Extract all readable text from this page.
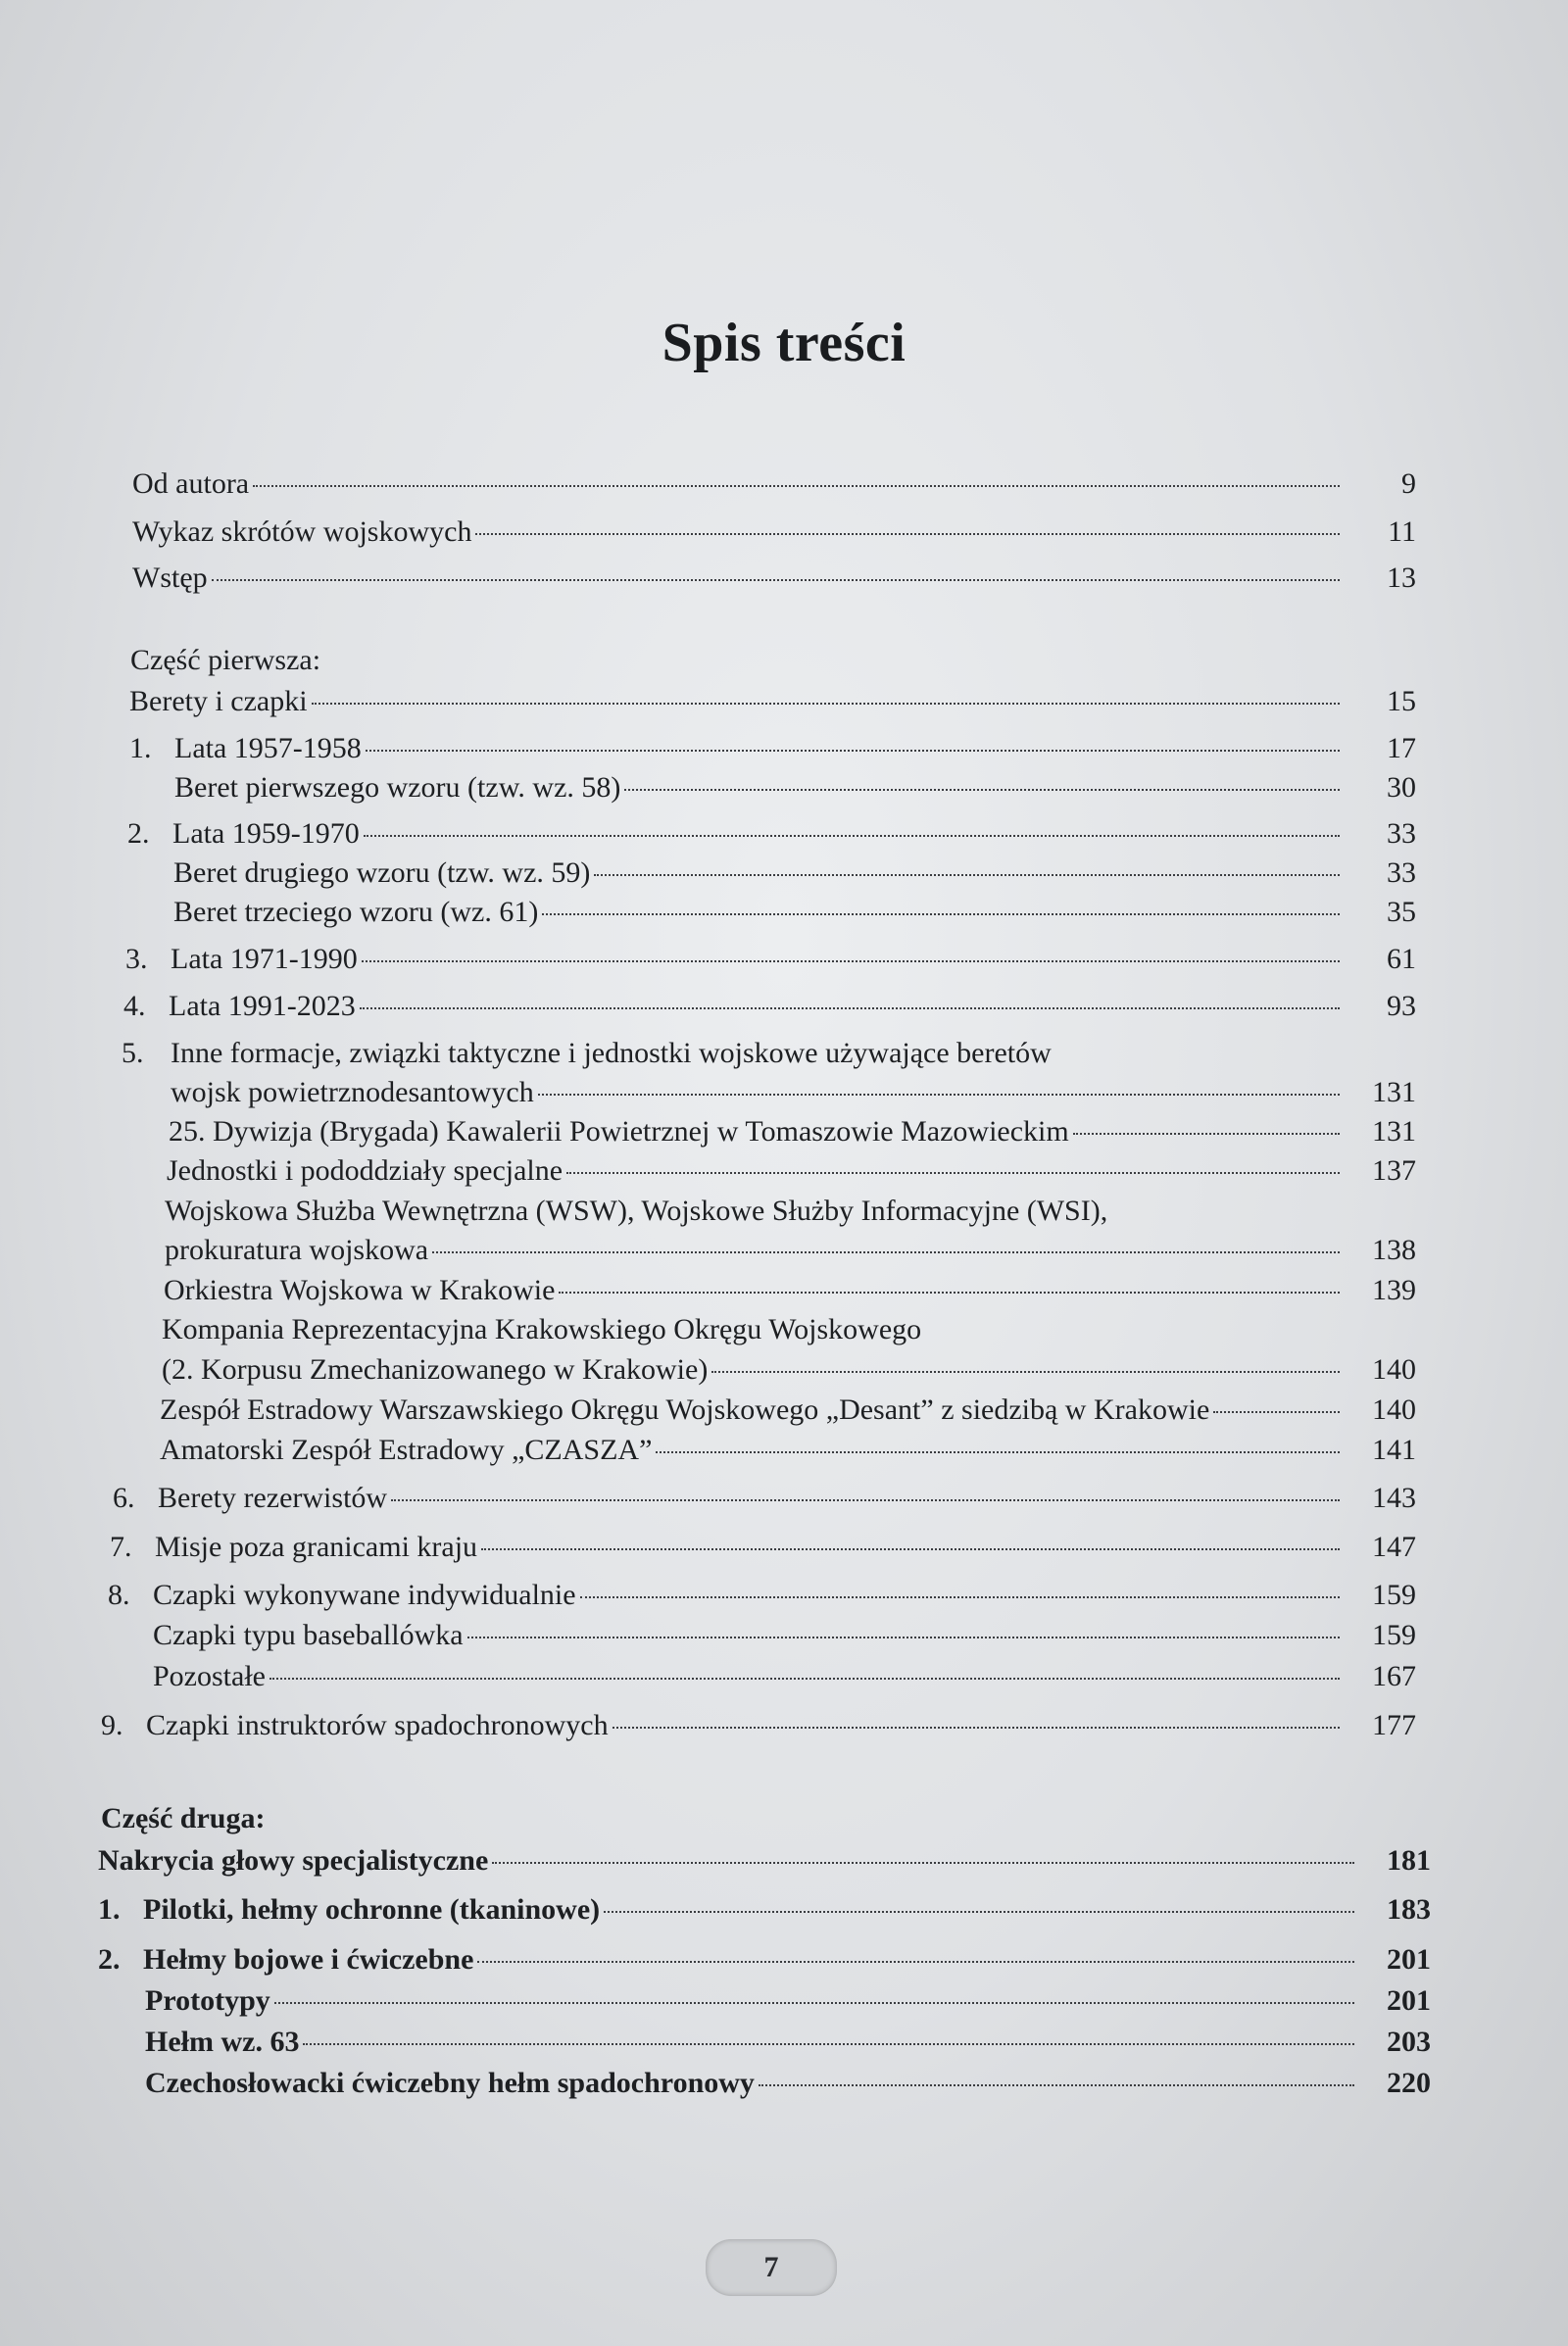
Spis treści
Od autora	9
Wykaz skrótów wojskowych	11
Wstęp	13
Część pierwsza:
Berety i czapki	15
1. Lata 1957-1958	17
Beret pierwszego wzoru (tzw. wz. 58)	30
2. Lata 1959-1970	33
Beret drugiego wzoru (tzw. wz. 59)	33
Beret trzeciego wzoru (wz. 61)	35
3. Lata 1971-1990	61
4. Lata 1991-2023	93
5. Inne formacje, związki taktyczne i jednostki wojskowe używające beretów
wojsk powietrznodesantowych	131
25. Dywizja (Brygada) Kawalerii Powietrznej w Tomaszowie Mazowieckim	131
Jednostki i pododdziały specjalne	137
Wojskowa Służba Wewnętrzna (WSW), Wojskowe Służby Informacyjne (WSI),
prokuratura wojskowa	138
Orkiestra Wojskowa w Krakowie	139
Kompania Reprezentacyjna Krakowskiego Okręgu Wojskowego
(2. Korpusu Zmechanizowanego w Krakowie)	140
Zespół Estradowy Warszawskiego Okręgu Wojskowego „Desant” z siedzibą w Krakowie	140
Amatorski Zespół Estradowy „CZASZA”	141
6. Berety rezerwistów	143
7. Misje poza granicami kraju	147
8. Czapki wykonywane indywidualnie	159
Czapki typu baseballówka	159
Pozostałe	167
9. Czapki instruktorów spadochronowych	177
Część druga:
Nakrycia głowy specjalistyczne	181
1. Pilotki, hełmy ochronne (tkaninowe)	183
2. Hełmy bojowe i ćwiczebne	201
Prototypy	201
Hełm wz. 63	203
Czechosłowacki ćwiczebny hełm spadochronowy	220
7
